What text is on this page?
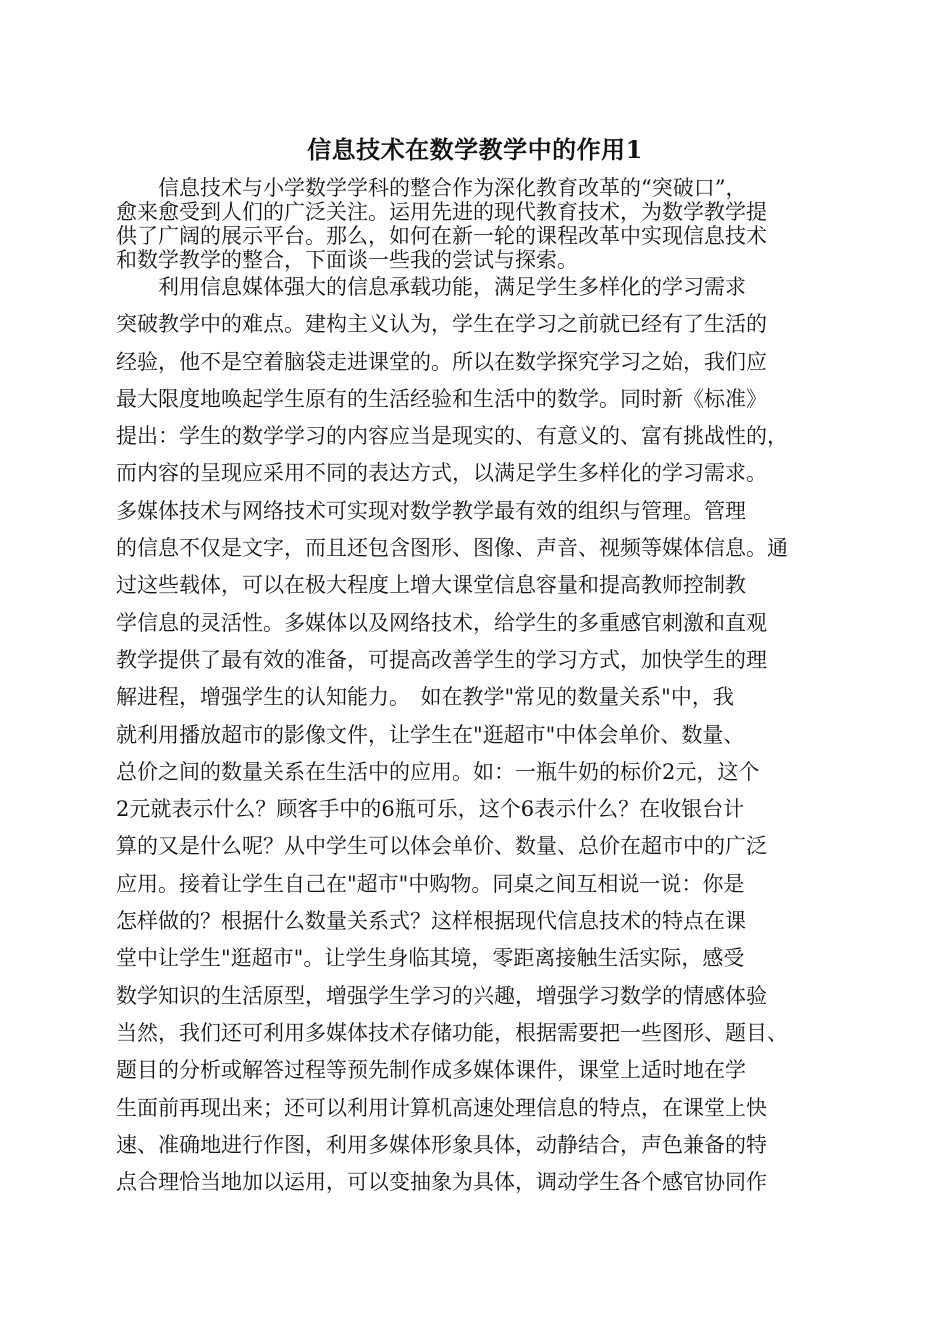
信息技术在数学教学中的作用1
信息技术与小学数学学科的整合作为深化教育改革的“突破口”，
愈来愈受到人们的广泛关注。运用先进的现代教育技术，为数学教学提
供了广阔的展示平台。那么，如何在新一轮的课程改革中实现信息技术
和数学教学的整合，下面谈一些我的尝试与探索。
利用信息媒体强大的信息承载功能，满足学生多样化的学习需求
突破教学中的难点。建构主义认为，学生在学习之前就已经有了生活的
经验，他不是空着脑袋走进课堂的。所以在数学探究学习之始，我们应
最大限度地唤起学生原有的生活经验和生活中的数学。同时新《标准》
提出：学生的数学学习的内容应当是现实的、有意义的、富有挑战性的，
而内容的呈现应采用不同的表达方式，以满足学生多样化的学习需求。
多媒体技术与网络技术可实现对数学教学最有效的组织与管理。管理
的信息不仅是文字，而且还包含图形、图像、声音、视频等媒体信息。通
过这些载体，可以在极大程度上增大课堂信息容量和提高教师控制教
学信息的灵活性。多媒体以及网络技术，给学生的多重感官刺激和直观
教学提供了最有效的准备，可提高改善学生的学习方式，加快学生的理
解进程，增强学生的认知能力。　如在教学"常见的数量关系"中，我
就利用播放超市的影像文件，让学生在"逛超市"中体会单价、数量、
总价之间的数量关系在生活中的应用。如：一瓶牛奶的标价2元，这个
2元就表示什么？顾客手中的6瓶可乐，这个6表示什么？在收银台计
算的又是什么呢？从中学生可以体会单价、数量、总价在超市中的广泛
应用。接着让学生自己在"超市"中购物。同桌之间互相说一说：你是
怎样做的？根据什么数量关系式？这样根据现代信息技术的特点在课
堂中让学生"逛超市"。让学生身临其境，零距离接触生活实际，感受
数学知识的生活原型，增强学生学习的兴趣，增强学习数学的情感体验
当然，我们还可利用多媒体技术存储功能，根据需要把一些图形、题目、
题目的分析或解答过程等预先制作成多媒体课件，课堂上适时地在学
生面前再现出来；还可以利用计算机高速处理信息的特点，在课堂上快
速、准确地进行作图，利用多媒体形象具体，动静结合，声色兼备的特
点合理恰当地加以运用，可以变抽象为具体，调动学生各个感官协同作
